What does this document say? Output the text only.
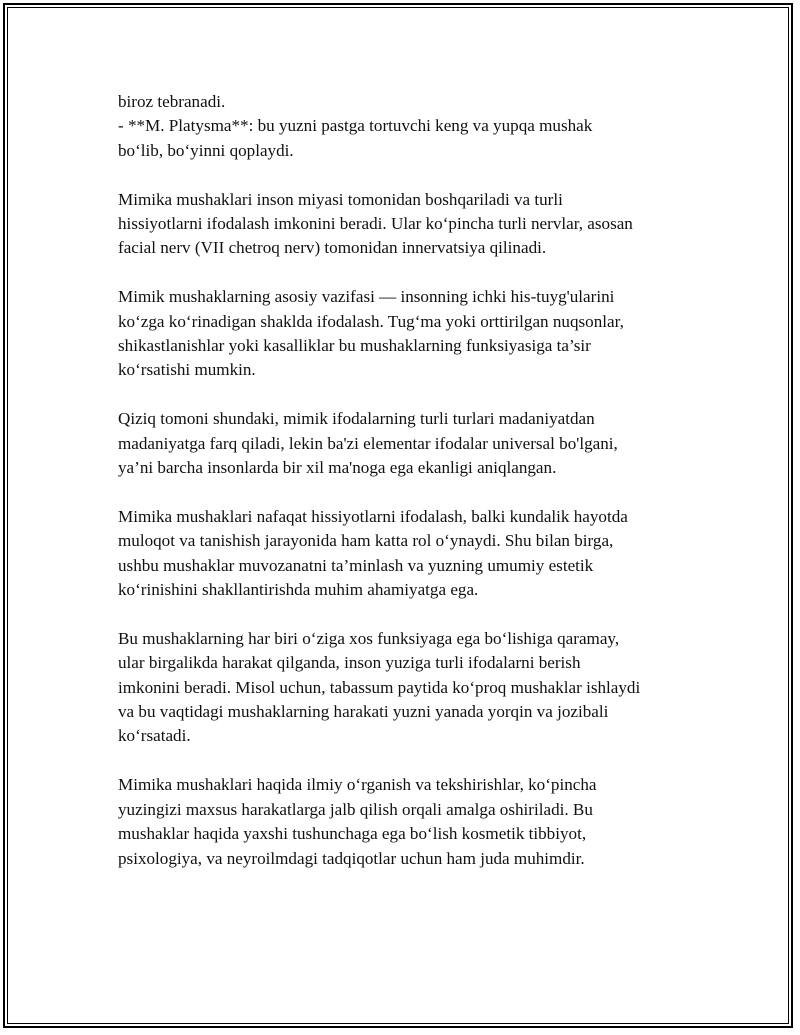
biroz tebranadi.
- **M. Platysma**: bu yuzni pastga tortuvchi keng va yupqa mushak
bo‘lib, bo‘yinni qoplaydi.

Mimika mushaklari inson miyasi tomonidan boshqariladi va turli
hissiyotlarni ifodalash imkonini beradi. Ular ko‘pincha turli nervlar, asosan
facial nerv (VII chetroq nerv) tomonidan innervatsiya qilinadi.

Mimik mushaklarning asosiy vazifasi — insonning ichki his-tuyg'ularini
ko‘zga ko‘rinadigan shaklda ifodalash. Tug‘ma yoki orttirilgan nuqsonlar,
shikastlanishlar yoki kasalliklar bu mushaklarning funksiyasiga ta’sir
ko‘rsatishi mumkin.

Qiziq tomoni shundaki, mimik ifodalarning turli turlari madaniyatdan
madaniyatga farq qiladi, lekin ba'zi elementar ifodalar universal bo'lgani,
ya’ni barcha insonlarda bir xil ma'noga ega ekanligi aniqlangan.

Mimika mushaklari nafaqat hissiyotlarni ifodalash, balki kundalik hayotda
muloqot va tanishish jarayonida ham katta rol o‘ynaydi. Shu bilan birga,
ushbu mushaklar muvozanatni ta’minlash va yuzning umumiy estetik
ko‘rinishini shakllantirishda muhim ahamiyatga ega.

Bu mushaklarning har biri o‘ziga xos funksiyaga ega bo‘lishiga qaramay,
ular birgalikda harakat qilganda, inson yuziga turli ifodalarni berish
imkonini beradi. Misol uchun, tabassum paytida ko‘proq mushaklar ishlaydi
va bu vaqtidagi mushaklarning harakati yuzni yanada yorqin va jozibali
ko‘rsatadi.

Mimika mushaklari haqida ilmiy o‘rganish va tekshirishlar, ko‘pincha
yuzingizi maxsus harakatlarga jalb qilish orqali amalga oshiriladi. Bu
mushaklar haqida yaxshi tushunchaga ega bo‘lish kosmetik tibbiyot,
psixologiya, va neyroilmdagi tadqiqotlar uchun ham juda muhimdir.
